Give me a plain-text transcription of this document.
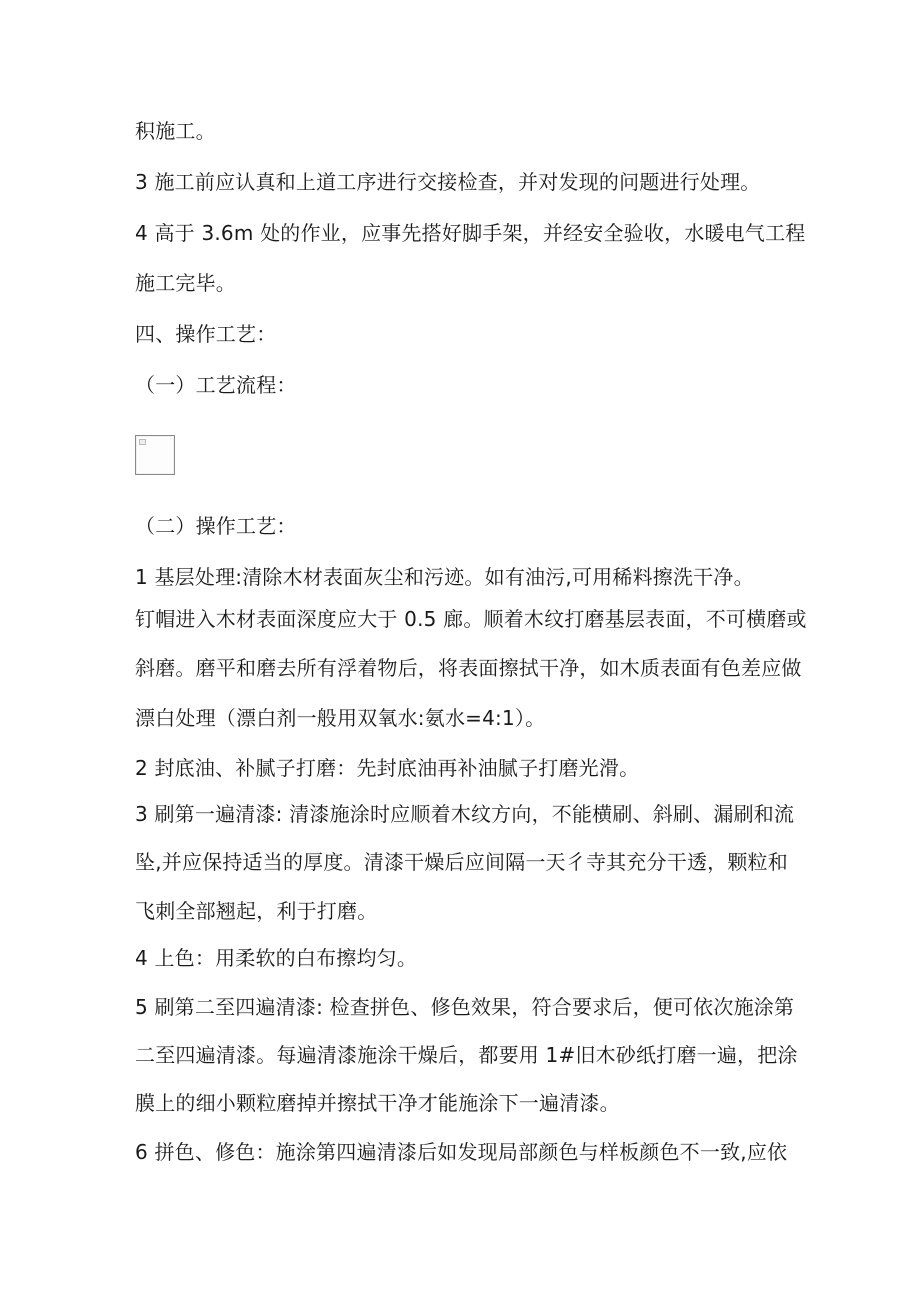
积施工。
3 施工前应认真和上道工序进行交接检查，并对发现的问题进行处理。
4 高于 3.6m 处的作业，应事先搭好脚手架，并经安全验收，水暖电气工程
施工完毕。
四、操作工艺：
（一）工艺流程：
（二）操作工艺：
1 基层处理:清除木材表面灰尘和污迹。如有油污,可用稀料擦洗干净。
钉帽进入木材表面深度应大于 0.5 廊。顺着木纹打磨基层表面，不可横磨或
斜磨。磨平和磨去所有浮着物后，将表面擦拭干净，如木质表面有色差应做
漂白处理（漂白剂一般用双氧水:氨水=4:1）。
2 封底油、补腻子打磨：先封底油再补油腻子打磨光滑。
3 刷第一遍清漆: 清漆施涂时应顺着木纹方向，不能横刷、斜刷、漏刷和流
坠,并应保持适当的厚度。清漆干燥后应间隔一天彳寺其充分干透，颗粒和
飞刺全部翘起，利于打磨。
4 上色：用柔软的白布擦均匀。
5 刷第二至四遍清漆: 检查拼色、修色效果，符合要求后，便可依次施涂第
二至四遍清漆。每遍清漆施涂干燥后，都要用 1#旧木砂纸打磨一遍，把涂
膜上的细小颗粒磨掉并擦拭干净才能施涂下一遍清漆。
6 拼色、修色：施涂第四遍清漆后如发现局部颜色与样板颜色不一致,应依
